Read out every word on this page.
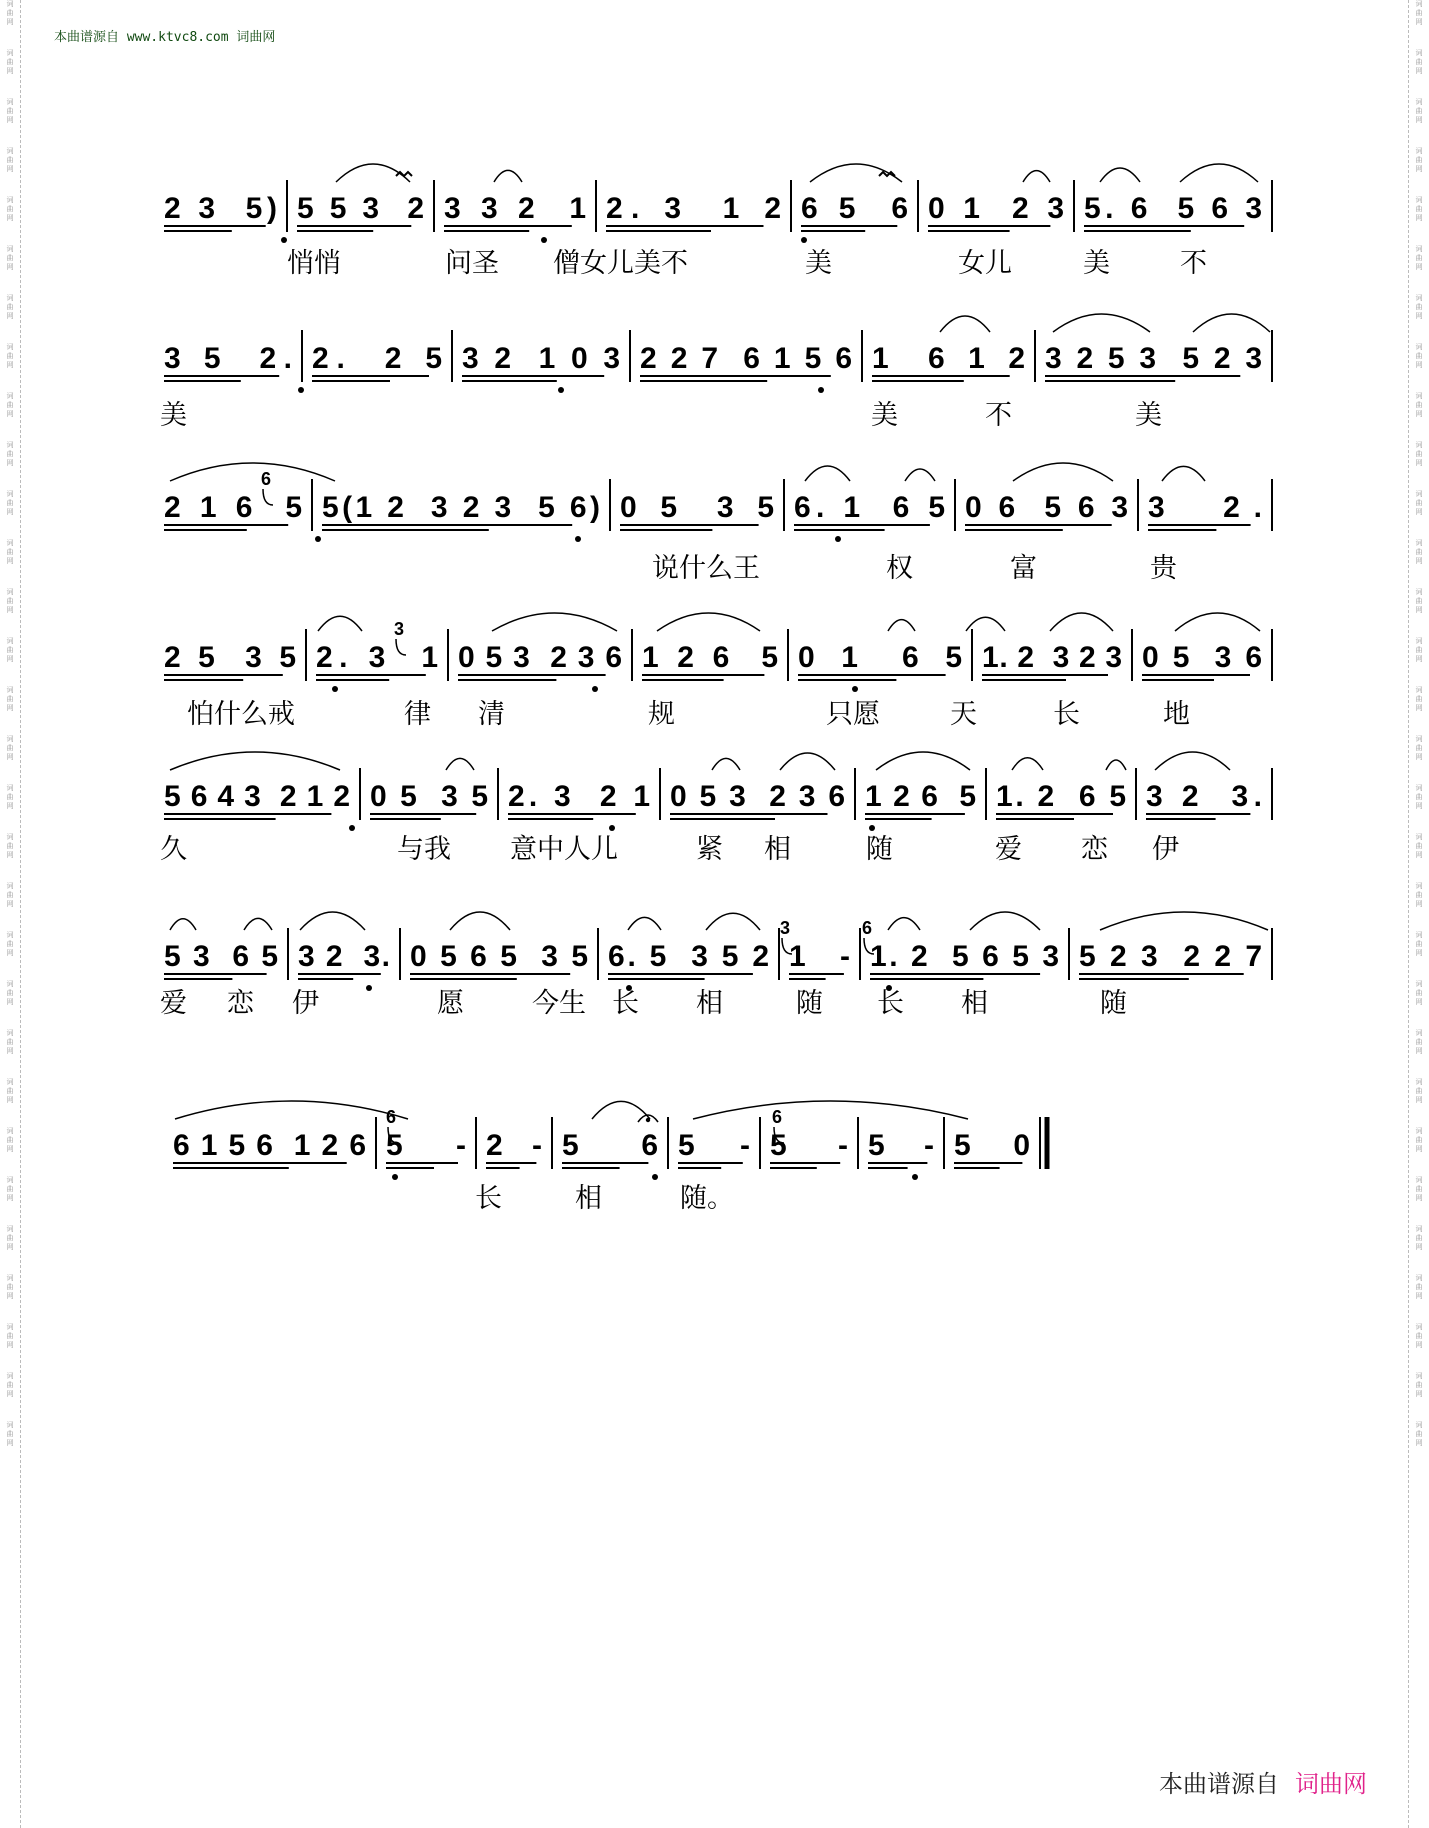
词
曲
网
词
曲
网
词
曲
网
词
曲
网
词
曲
网
词
曲
网
词
曲
网
词
曲
网
词
曲
网
词
曲
网
词
曲
网
词
曲
网
词
曲
网
词
曲
网
词
曲
网
词
曲
网
词
曲
网
词
曲
网
词
曲
网
词
曲
网
词
曲
网
词
曲
网
词
曲
网
词
曲
网
词
曲
网
词
曲
网
词
曲
网
词
曲
网
词
曲
网
词
曲
网
词
曲
网
词
曲
网
词
曲
网
词
曲
网
词
曲
网
词
曲
网
词
曲
网
词
曲
网
词
曲
网
词
曲
网
词
曲
网
词
曲
网
词
曲
网
词
曲
网
词
曲
网
词
曲
网
词
曲
网
词
曲
网
词
曲
网
词
曲
网
词
曲
网
词
曲
网
词
曲
网
词
曲
网
词
曲
网
词
曲
网
词
曲
网
词
曲
网
词
曲
网
词
曲
网
本曲谱源自 www.ktvc8.com 词曲网
2 3  5) 5 5 3  2 3 3 2  1 2. 3  1 2 6 5  6 0 1  2 3 5. 6  5 6 3
悄悄	问圣 僧女儿美不	美	女儿	美	不
3 5  2. 2.  2 5 3 2  1 0 3 2 2 7  6 1 5 6 1  6 1 2 3 2 5 3  5 2 3
美	美	不	美
2 1 6  5 5(1 2  3 2 3  5 6) 0 5  3 5 6. 1  6 5 0 6  5 6 3 3  2.
6
说什么王	权	富	贵
2 5  3 5 2. 3  1 0 5 3  2 3 6 1 2 6  5 0 1  6 5 1. 2  3 2 3 0 5  3 6
3
怕什么戒	律 清	规	只愿	天	长	地
5 6 4 3  2 1 2 0 5  3 5 2. 3  2 1 0 5 3  2 3 6 1 2 6  5 1. 2  6 5 3 2  3.
久	与我 意中人儿	紧 相	随	爱 恋 伊
5 3  6 5 3 2  3. 0 5 6 5  3 5 6. 5  3 5 2 1  - 1. 2  5 6 5 3 5 2 3  2 2 7
3	6
爱 恋 伊	愿	今生 长 相	随 长 相	随
6 1 5 6  1 2 6 5  - 2  - 5  6 5  - 5  - 5  - 5  0
6	6
长	相	随。
本曲谱源自 词曲网
